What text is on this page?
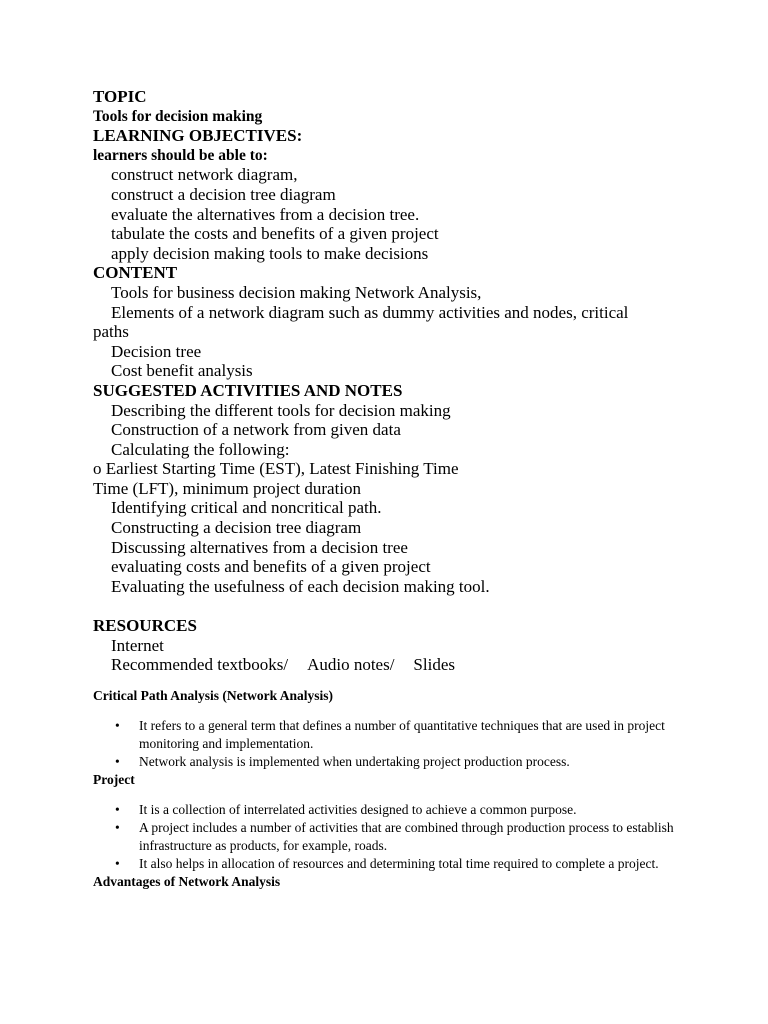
TOPIC
Tools for decision making
LEARNING OBJECTIVES:
learners should be able to:
construct network diagram,
construct a decision tree diagram
evaluate the alternatives from a decision tree.
tabulate the costs and benefits of a given project
apply decision making tools to make decisions
CONTENT
Tools for business decision making Network Analysis,
Elements of a network diagram such as dummy activities and nodes, critical
paths
Decision tree
Cost benefit analysis
SUGGESTED ACTIVITIES AND NOTES
Describing the different tools for decision making
Construction of a network from given data
Calculating the following:
o Earliest Starting Time (EST), Latest Finishing Time
Time (LFT), minimum project duration
Identifying critical and noncritical path.
Constructing a decision tree diagram
Discussing alternatives from a decision tree
evaluating costs and benefits of a given project
Evaluating the usefulness of each decision making tool.
RESOURCES
Internet
Recommended textbooks/ Audio notes/ Slides
Critical Path Analysis (Network Analysis)
• It refers to a general term that defines a number of quantitative techniques that are used in project monitoring and implementation.
• Network analysis is implemented when undertaking project production process.
Project
• It is a collection of interrelated activities designed to achieve a common purpose.
• A project includes a number of activities that are combined through production process to establish infrastructure as products, for example, roads.
• It also helps in allocation of resources and determining total time required to complete a project.
Advantages of Network Analysis
